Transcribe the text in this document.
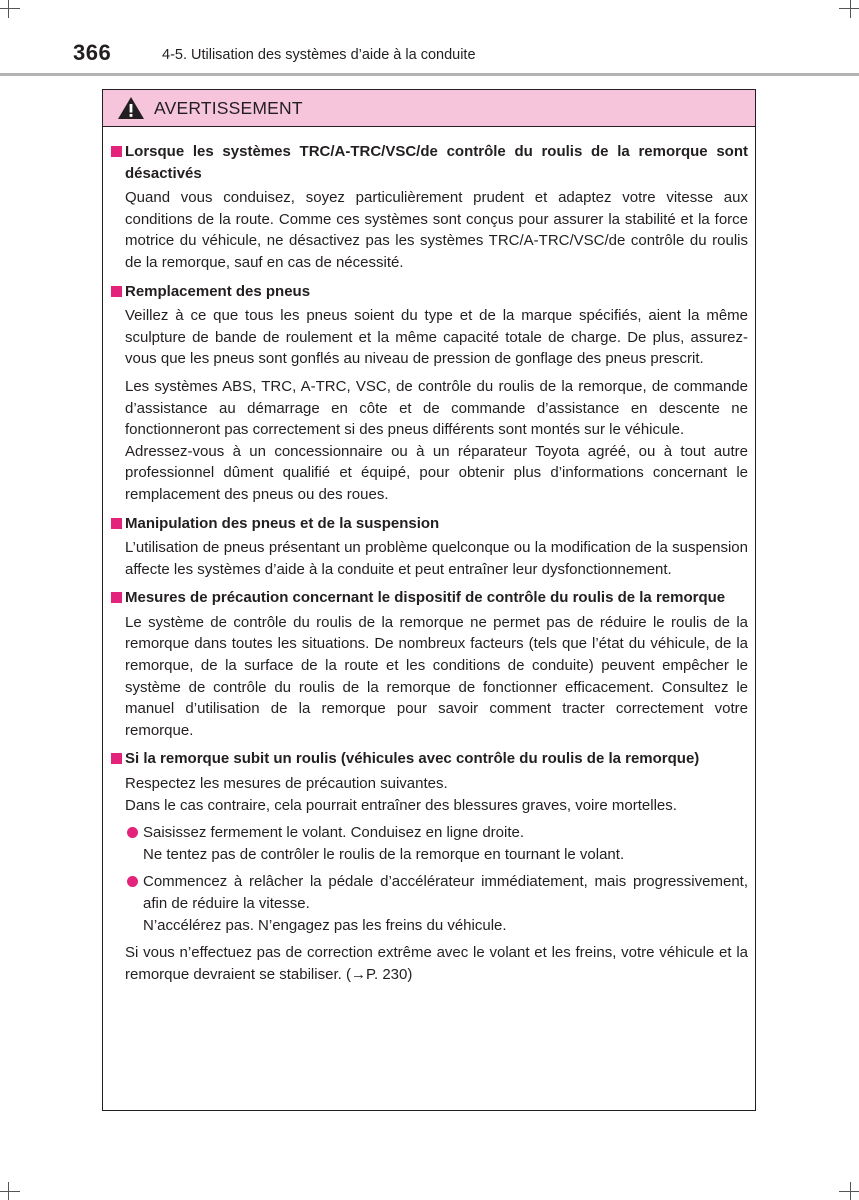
366	4-5. Utilisation des systèmes d’aide à la conduite
AVERTISSEMENT
Lorsque les systèmes TRC/A-TRC/VSC/de contrôle du roulis de la remorque sont désactivés
Quand vous conduisez, soyez particulièrement prudent et adaptez votre vitesse aux conditions de la route. Comme ces systèmes sont conçus pour assurer la stabilité et la force motrice du véhicule, ne désactivez pas les systèmes TRC/A-TRC/VSC/de contrôle du roulis de la remorque, sauf en cas de nécessité.
Remplacement des pneus
Veillez à ce que tous les pneus soient du type et de la marque spécifiés, aient la même sculpture de bande de roulement et la même capacité totale de charge. De plus, assurez-vous que les pneus sont gonflés au niveau de pression de gonflage des pneus prescrit.
Les systèmes ABS, TRC, A-TRC, VSC, de contrôle du roulis de la remorque, de commande d’assistance au démarrage en côte et de commande d’assistance en descente ne fonctionneront pas correctement si des pneus différents sont montés sur le véhicule.
Adressez-vous à un concessionnaire ou à un réparateur Toyota agréé, ou à tout autre professionnel dûment qualifié et équipé, pour obtenir plus d’informations concernant le remplacement des pneus ou des roues.
Manipulation des pneus et de la suspension
L’utilisation de pneus présentant un problème quelconque ou la modification de la suspension affecte les systèmes d’aide à la conduite et peut entraîner leur dysfonctionnement.
Mesures de précaution concernant le dispositif de contrôle du roulis de la remorque
Le système de contrôle du roulis de la remorque ne permet pas de réduire le roulis de la remorque dans toutes les situations. De nombreux facteurs (tels que l’état du véhicule, de la remorque, de la surface de la route et les conditions de conduite) peuvent empêcher le système de contrôle du roulis de la remorque de fonctionner efficacement. Consultez le manuel d’utilisation de la remorque pour savoir comment tracter correctement votre remorque.
Si la remorque subit un roulis (véhicules avec contrôle du roulis de la remorque)
Respectez les mesures de précaution suivantes.
Dans le cas contraire, cela pourrait entraîner des blessures graves, voire mortelles.
Saisissez fermement le volant. Conduisez en ligne droite.
Ne tentez pas de contrôler le roulis de la remorque en tournant le volant.
Commencez à relâcher la pédale d’accélérateur immédiatement, mais progressivement, afin de réduire la vitesse.
N’accélérez pas. N’engagez pas les freins du véhicule.
Si vous n’effectuez pas de correction extrême avec le volant et les freins, votre véhicule et la remorque devraient se stabiliser. (→P. 230)
